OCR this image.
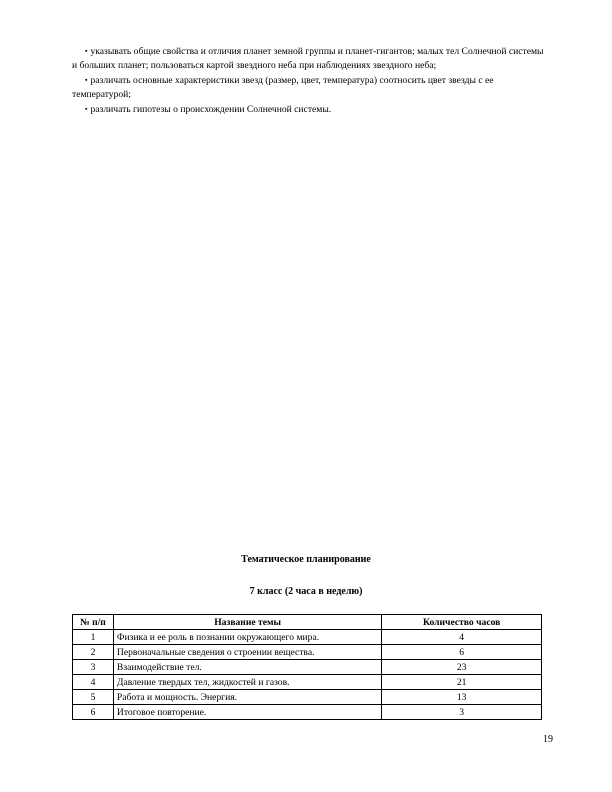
▪ указывать общие свойства и отличия планет земной группы и планет-гигантов; малых тел Солнечной системы и больших планет; пользоваться картой звездного неба при наблюдениях звездного неба;

▪ различать основные характеристики звезд (размер, цвет, температура) соотносить цвет звезды с ее температурой;

▪ различать гипотезы о происхождении Солнечной системы.

Тематическое планирование
7 класс (2 часа в неделю)
№ п/п	Название темы	Количество часов
1	Физика и ее роль в познании окружающего мира.	4
2	Первоначальные сведения о строении вещества.	6
3	Взаимодействие тел.	23
4	Давление твердых тел, жидкостей и газов.	21
5	Работа и мощность. Энергия.	13
6	Итоговое повторение.	3
19
